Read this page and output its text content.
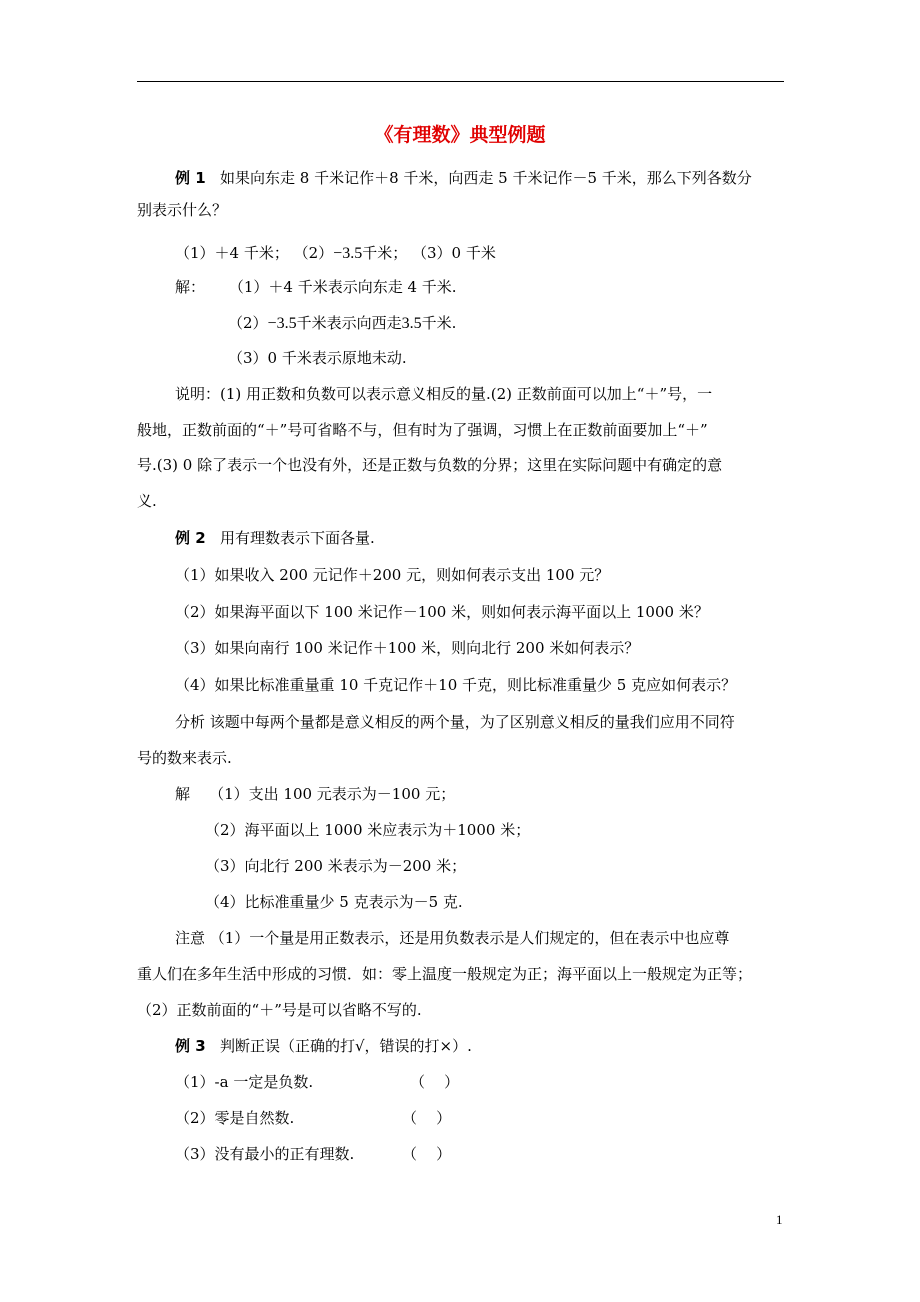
《有理数》典型例题
例 1 如果向东走 8 千米记作＋8 千米，向西走 5 千米记作－5 千米，那么下列各数分
别表示什么？
（1）＋4 千米； （2）−3.5千米； （3）0 千米
解： （1）＋4 千米表示向东走 4 千米.
（2）−3.5千米表示向西走3.5千米.
（3）0 千米表示原地未动.
说明：(1) 用正数和负数可以表示意义相反的量.(2) 正数前面可以加上“＋”号，一
般地，正数前面的“＋”号可省略不与，但有时为了强调，习惯上在正数前面要加上“＋”
号.(3) 0 除了表示一个也没有外，还是正数与负数的分界；这里在实际问题中有确定的意
义.
例 2 用有理数表示下面各量.
（1）如果收入 200 元记作＋200 元，则如何表示支出 100 元？
（2）如果海平面以下 100 米记作－100 米，则如何表示海平面以上 1000 米？
（3）如果向南行 100 米记作＋100 米，则向北行 200 米如何表示？
（4）如果比标准重量重 10 千克记作＋10 千克，则比标准重量少 5 克应如何表示？
分析 该题中每两个量都是意义相反的两个量，为了区别意义相反的量我们应用不同符
号的数来表示.
解 （1）支出 100 元表示为－100 元；
（2）海平面以上 1000 米应表示为＋1000 米；
（3）向北行 200 米表示为－200 米；
（4）比标准重量少 5 克表示为－5 克.
注意 （1）一个量是用正数表示，还是用负数表示是人们规定的，但在表示中也应尊
重人们在多年生活中形成的习惯．如：零上温度一般规定为正；海平面以上一般规定为正等；
（2）正数前面的“＋”号是可以省略不写的.
例 3 判断正误（正确的打√，错误的打×）.
（1）-a 一定是负数.	（    ）
（2）零是自然数.	（    ）
（3）没有最小的正有理数.	（    ）
1
